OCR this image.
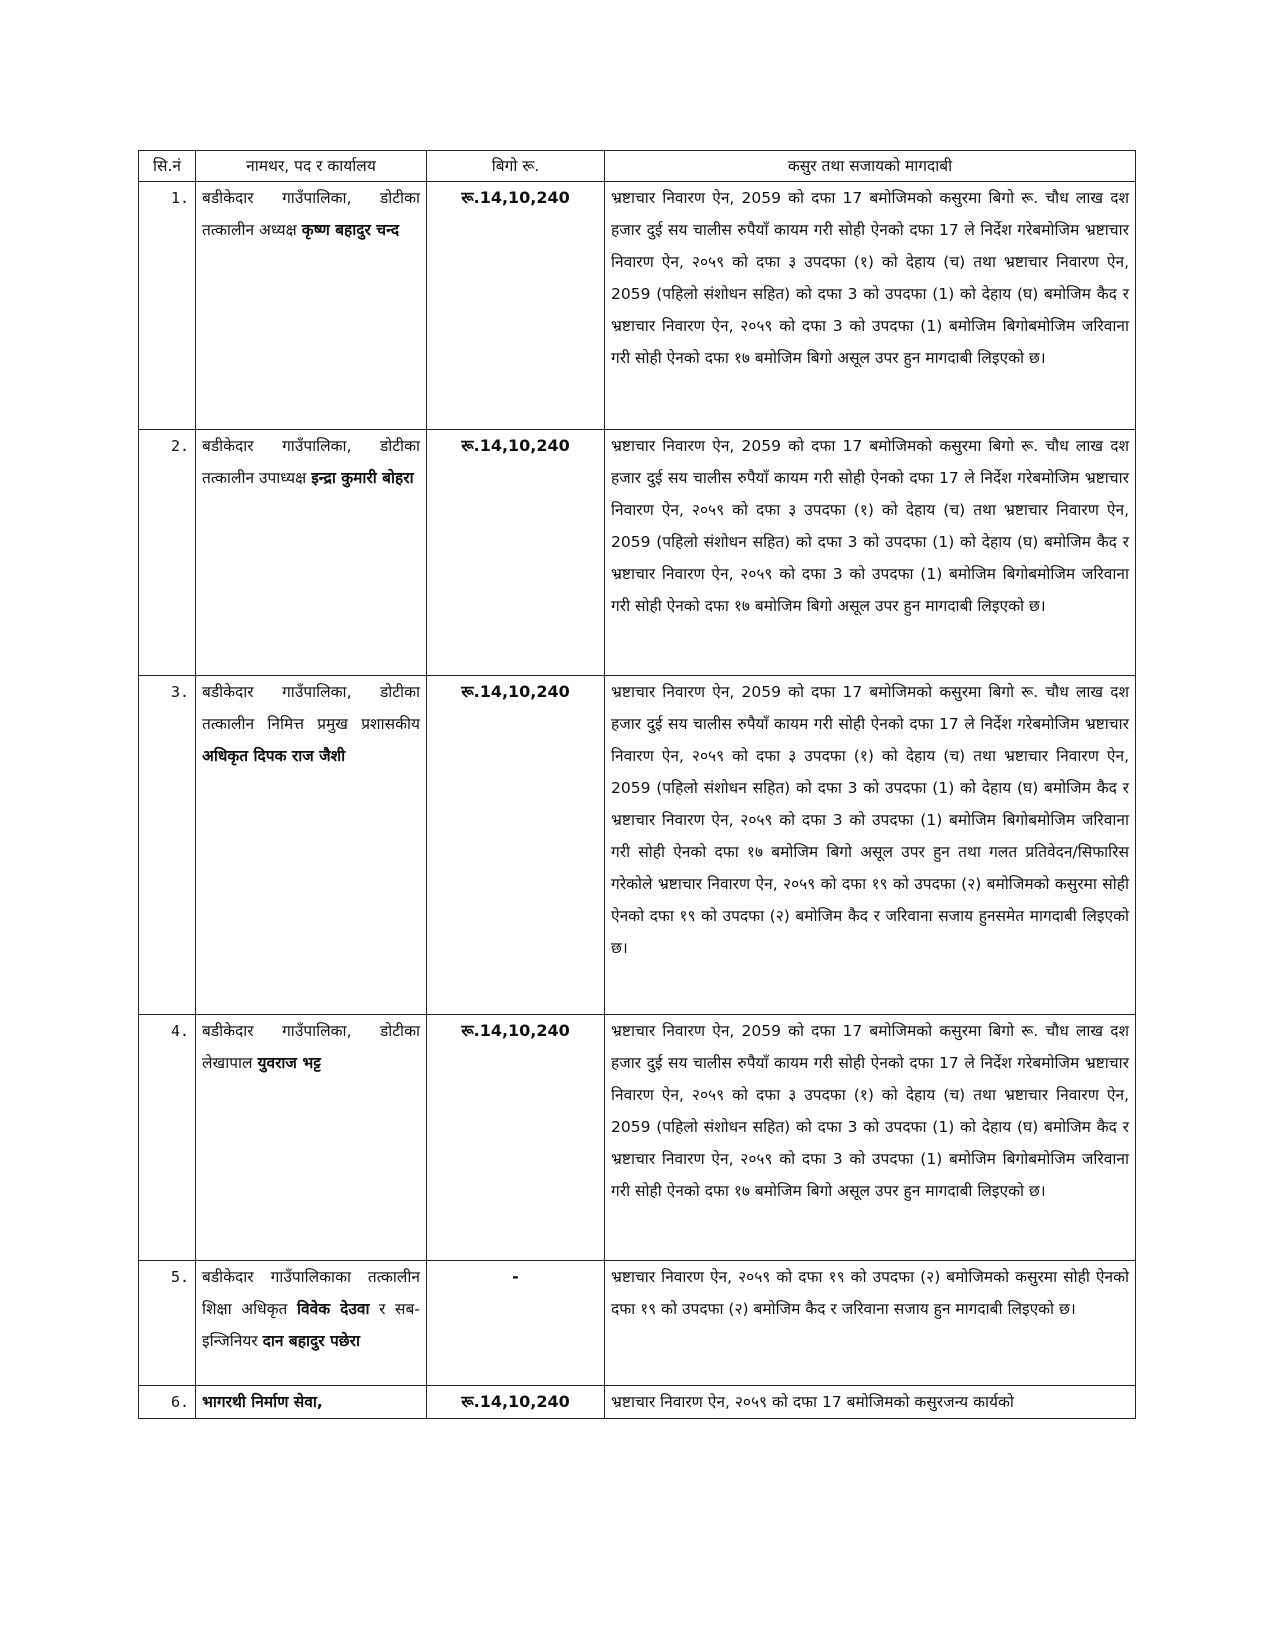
सि.नं	नामथर, पद र कार्यालय	बिगो रू.	कसुर तथा सजायको मागदाबी
1.	बडीकेदार गाउँपालिका, डोटीका तत्कालीन अध्यक्ष कृष्ण बहादुर चन्द	रू.14,10,240	भ्रष्टाचार निवारण ऐन, 2059 को दफा 17 बमोजिमको कसुरमा बिगो रू. चौध लाख दश हजार दुई सय चालीस रुपैयाँ कायम गरी सोही ऐनको दफा 17 ले निर्देश गरेबमोजिम भ्रष्टाचार निवारण ऐन, २०५९ को दफा ३ उपदफा (१) को देहाय (च) तथा भ्रष्टाचार निवारण ऐन, 2059 (पहिलो संशोधन सहित) को दफा 3 को उपदफा (1) को देहाय (घ) बमोजिम कैद र भ्रष्टाचार निवारण ऐन, २०५९ को दफा 3 को उपदफा (1) बमोजिम बिगोबमोजिम जरिवाना गरी सोही ऐनको दफा १७ बमोजिम बिगो असूल उपर हुन मागदाबी लिइएको छ।
2.	बडीकेदार गाउँपालिका, डोटीका तत्कालीन उपाध्यक्ष इन्द्रा कुमारी बोहरा	रू.14,10,240	भ्रष्टाचार निवारण ऐन, 2059 को दफा 17 बमोजिमको कसुरमा बिगो रू. चौध लाख दश हजार दुई सय चालीस रुपैयाँ कायम गरी सोही ऐनको दफा 17 ले निर्देश गरेबमोजिम भ्रष्टाचार निवारण ऐन, २०५९ को दफा ३ उपदफा (१) को देहाय (च) तथा भ्रष्टाचार निवारण ऐन, 2059 (पहिलो संशोधन सहित) को दफा 3 को उपदफा (1) को देहाय (घ) बमोजिम कैद र भ्रष्टाचार निवारण ऐन, २०५९ को दफा 3 को उपदफा (1) बमोजिम बिगोबमोजिम जरिवाना गरी सोही ऐनको दफा १७ बमोजिम बिगो असूल उपर हुन मागदाबी लिइएको छ।
3.	बडीकेदार गाउँपालिका, डोटीका तत्कालीन निमित्त प्रमुख प्रशासकीय अधिकृत दिपक राज जैशी	रू.14,10,240	भ्रष्टाचार निवारण ऐन, 2059 को दफा 17 बमोजिमको कसुरमा बिगो रू. चौध लाख दश हजार दुई सय चालीस रुपैयाँ कायम गरी सोही ऐनको दफा 17 ले निर्देश गरेबमोजिम भ्रष्टाचार निवारण ऐन, २०५९ को दफा ३ उपदफा (१) को देहाय (च) तथा भ्रष्टाचार निवारण ऐन, 2059 (पहिलो संशोधन सहित) को दफा 3 को उपदफा (1) को देहाय (घ) बमोजिम कैद र भ्रष्टाचार निवारण ऐन, २०५९ को दफा 3 को उपदफा (1) बमोजिम बिगोबमोजिम जरिवाना गरी सोही ऐनको दफा १७ बमोजिम बिगो असूल उपर हुन तथा गलत प्रतिवेदन/सिफारिस गरेकोले भ्रष्टाचार निवारण ऐन, २०५९ को दफा १९ को उपदफा (२) बमोजिमको कसुरमा सोही ऐनको दफा १९ को उपदफा (२) बमोजिम कैद र जरिवाना सजाय हुनसमेत मागदाबी लिइएको छ।
4.	बडीकेदार गाउँपालिका, डोटीका लेखापाल युवराज भट्ट	रू.14,10,240	भ्रष्टाचार निवारण ऐन, 2059 को दफा 17 बमोजिमको कसुरमा बिगो रू. चौध लाख दश हजार दुई सय चालीस रुपैयाँ कायम गरी सोही ऐनको दफा 17 ले निर्देश गरेबमोजिम भ्रष्टाचार निवारण ऐन, २०५९ को दफा ३ उपदफा (१) को देहाय (च) तथा भ्रष्टाचार निवारण ऐन, 2059 (पहिलो संशोधन सहित) को दफा 3 को उपदफा (1) को देहाय (घ) बमोजिम कैद र भ्रष्टाचार निवारण ऐन, २०५९ को दफा 3 को उपदफा (1) बमोजिम बिगोबमोजिम जरिवाना गरी सोही ऐनको दफा १७ बमोजिम बिगो असूल उपर हुन मागदाबी लिइएको छ।
5.	बडीकेदार गाउँपालिकाका तत्कालीन शिक्षा अधिकृत विवेक देउवा र सब-इन्जिनियर दान बहादुर पछेरा	-	भ्रष्टाचार निवारण ऐन, २०५९ को दफा १९ को उपदफा (२) बमोजिमको कसुरमा सोही ऐनको दफा १९ को उपदफा (२) बमोजिम कैद र जरिवाना सजाय हुन मागदाबी लिइएको छ।
6.	भागरथी निर्माण सेवा,	रू.14,10,240	भ्रष्टाचार निवारण ऐन, २०५९ को दफा 17 बमोजिमको कसुरजन्य कार्यको
